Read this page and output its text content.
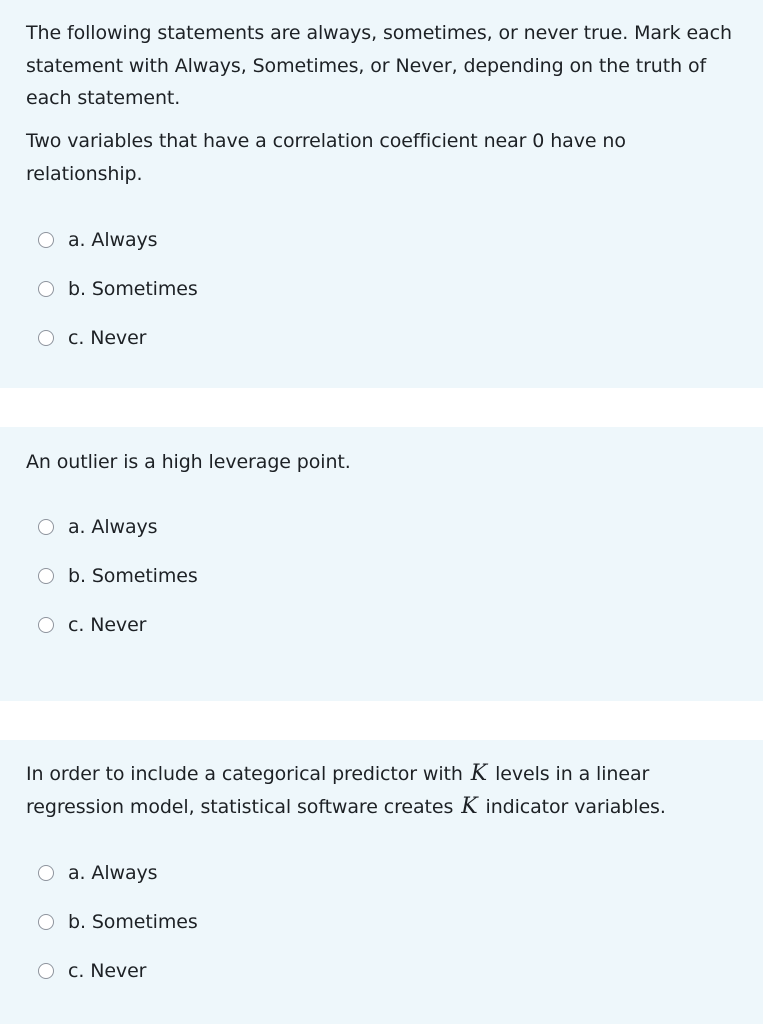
The following statements are always, sometimes, or never true. Mark each statement with Always, Sometimes, or Never, depending on the truth of each statement.

Two variables that have a correlation coefficient near 0 have no relationship.

a. Always
b. Sometimes
c. Never

An outlier is a high leverage point.

a. Always
b. Sometimes
c. Never

In order to include a categorical predictor with K levels in a linear regression model, statistical software creates K indicator variables.

a. Always
b. Sometimes
c. Never
